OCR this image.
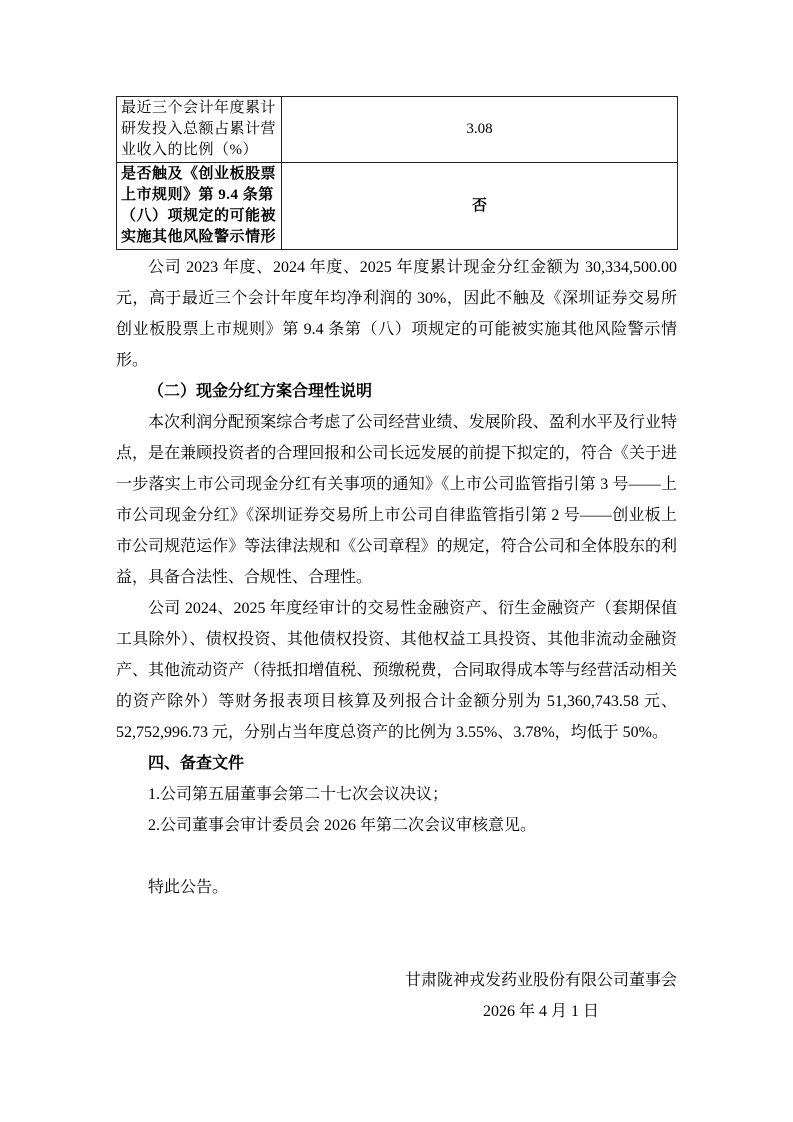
最近三个会计年度累计研发投入总额占累计营业收入的比例（%）	3.08
是否触及《创业板股票上市规则》第 9.4 条第（八）项规定的可能被实施其他风险警示情形	否

公司 2023 年度、2024 年度、2025 年度累计现金分红金额为 30,334,500.00 元，高于最近三个会计年度年均净利润的 30%，因此不触及《深圳证券交易所创业板股票上市规则》第 9.4 条第（八）项规定的可能被实施其他风险警示情形。

（二）现金分红方案合理性说明

本次利润分配预案综合考虑了公司经营业绩、发展阶段、盈利水平及行业特点，是在兼顾投资者的合理回报和公司长远发展的前提下拟定的，符合《关于进一步落实上市公司现金分红有关事项的通知》《上市公司监管指引第 3 号——上市公司现金分红》《深圳证券交易所上市公司自律监管指引第 2 号——创业板上市公司规范运作》等法律法规和《公司章程》的规定，符合公司和全体股东的利益，具备合法性、合规性、合理性。

公司 2024、2025 年度经审计的交易性金融资产、衍生金融资产（套期保值工具除外）、债权投资、其他债权投资、其他权益工具投资、其他非流动金融资产、其他流动资产（待抵扣增值税、预缴税费，合同取得成本等与经营活动相关的资产除外）等财务报表项目核算及列报合计金额分别为 51,360,743.58 元、52,752,996.73 元，分别占当年度总资产的比例为 3.55%、3.78%，均低于 50%。

四、备查文件

1.公司第五届董事会第二十七次会议决议；

2.公司董事会审计委员会 2026 年第二次会议审核意见。

特此公告。

甘肃陇神戎发药业股份有限公司董事会
2026 年 4 月 1 日
